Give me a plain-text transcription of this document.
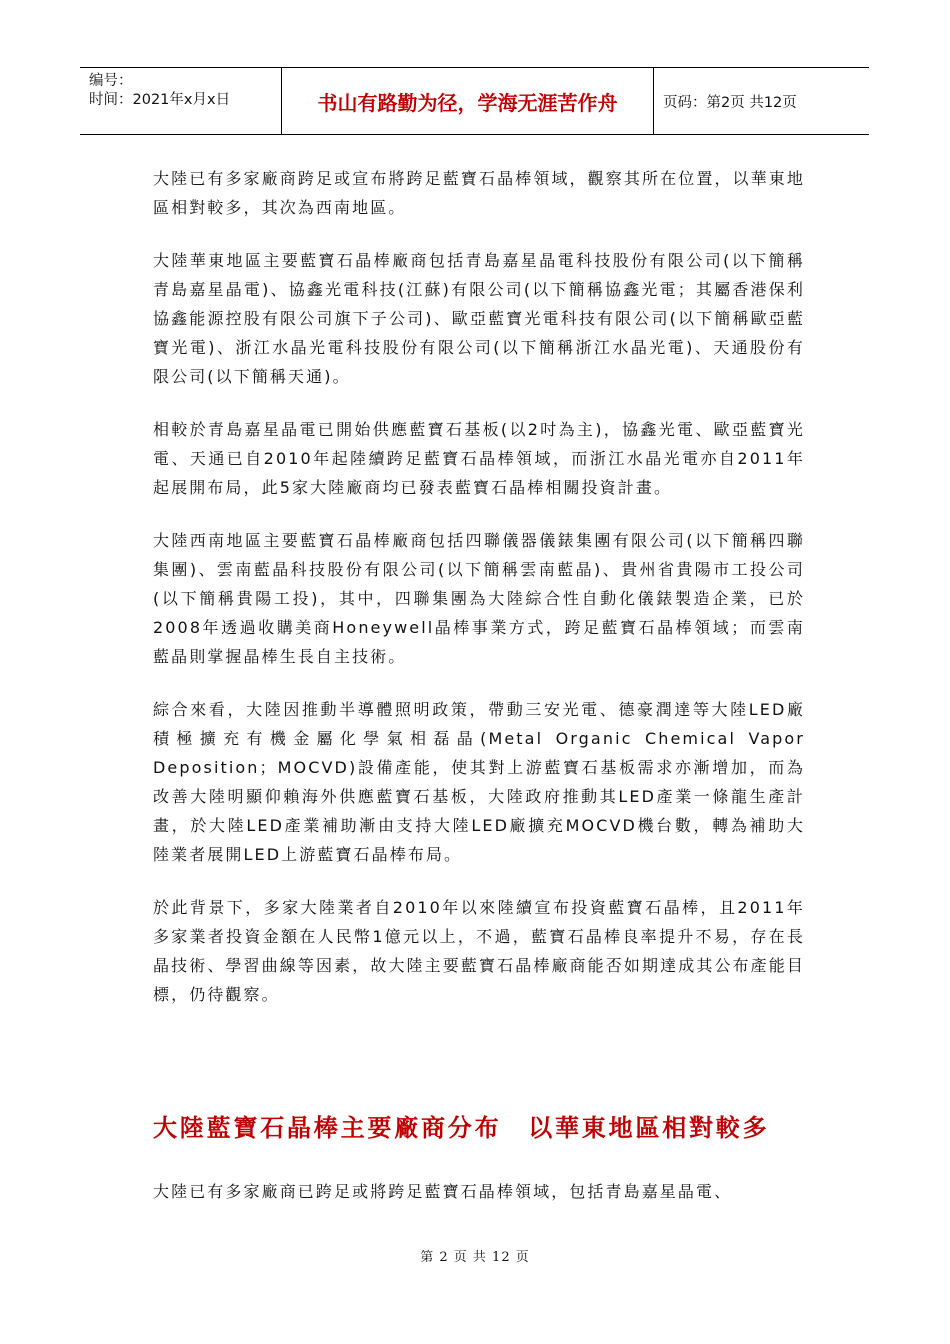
编号：
时间：2021年x月x日	书山有路勤为径，学海无涯苦作舟	页码：第2页 共12页

大陸已有多家廠商跨足或宣布將跨足藍寶石晶棒領域，觀察其所在位置，以華東地區相對較多，其次為西南地區。

大陸華東地區主要藍寶石晶棒廠商包括青島嘉星晶電科技股份有限公司(以下簡稱青島嘉星晶電)、協鑫光電科技(江蘇)有限公司(以下簡稱協鑫光電；其屬香港保利協鑫能源控股有限公司旗下子公司)、歐亞藍寶光電科技有限公司(以下簡稱歐亞藍寶光電)、浙江水晶光電科技股份有限公司(以下簡稱浙江水晶光電)、天通股份有限公司(以下簡稱天通)。

相較於青島嘉星晶電已開始供應藍寶石基板(以2吋為主)，協鑫光電、歐亞藍寶光電、天通已自2010年起陸續跨足藍寶石晶棒領域，而浙江水晶光電亦自2011年起展開布局，此5家大陸廠商均已發表藍寶石晶棒相關投資計畫。

大陸西南地區主要藍寶石晶棒廠商包括四聯儀器儀錶集團有限公司(以下簡稱四聯集團)、雲南藍晶科技股份有限公司(以下簡稱雲南藍晶)、貴州省貴陽市工投公司(以下簡稱貴陽工投)，其中，四聯集團為大陸綜合性自動化儀錶製造企業，已於2008年透過收購美商Honeywell晶棒事業方式，跨足藍寶石晶棒領域；而雲南藍晶則掌握晶棒生長自主技術。

綜合來看，大陸因推動半導體照明政策，帶動三安光電、德豪潤達等大陸LED廠積極擴充有機金屬化學氣相磊晶(Metal Organic Chemical Vapor Deposition；MOCVD)設備產能，使其對上游藍寶石基板需求亦漸增加，而為改善大陸明顯仰賴海外供應藍寶石基板，大陸政府推動其LED產業一條龍生產計畫，於大陸LED產業補助漸由支持大陸LED廠擴充MOCVD機台數，轉為補助大陸業者展開LED上游藍寶石晶棒布局。

於此背景下，多家大陸業者自2010年以來陸續宣布投資藍寶石晶棒，且2011年多家業者投資金額在人民幣1億元以上，不過，藍寶石晶棒良率提升不易，存在長晶技術、學習曲線等因素，故大陸主要藍寶石晶棒廠商能否如期達成其公布產能目標，仍待觀察。

大陸藍寶石晶棒主要廠商分布　以華東地區相對較多
大陸已有多家廠商已跨足或將跨足藍寶石晶棒領域，包括青島嘉星晶電、
第 2 页 共 12 页
